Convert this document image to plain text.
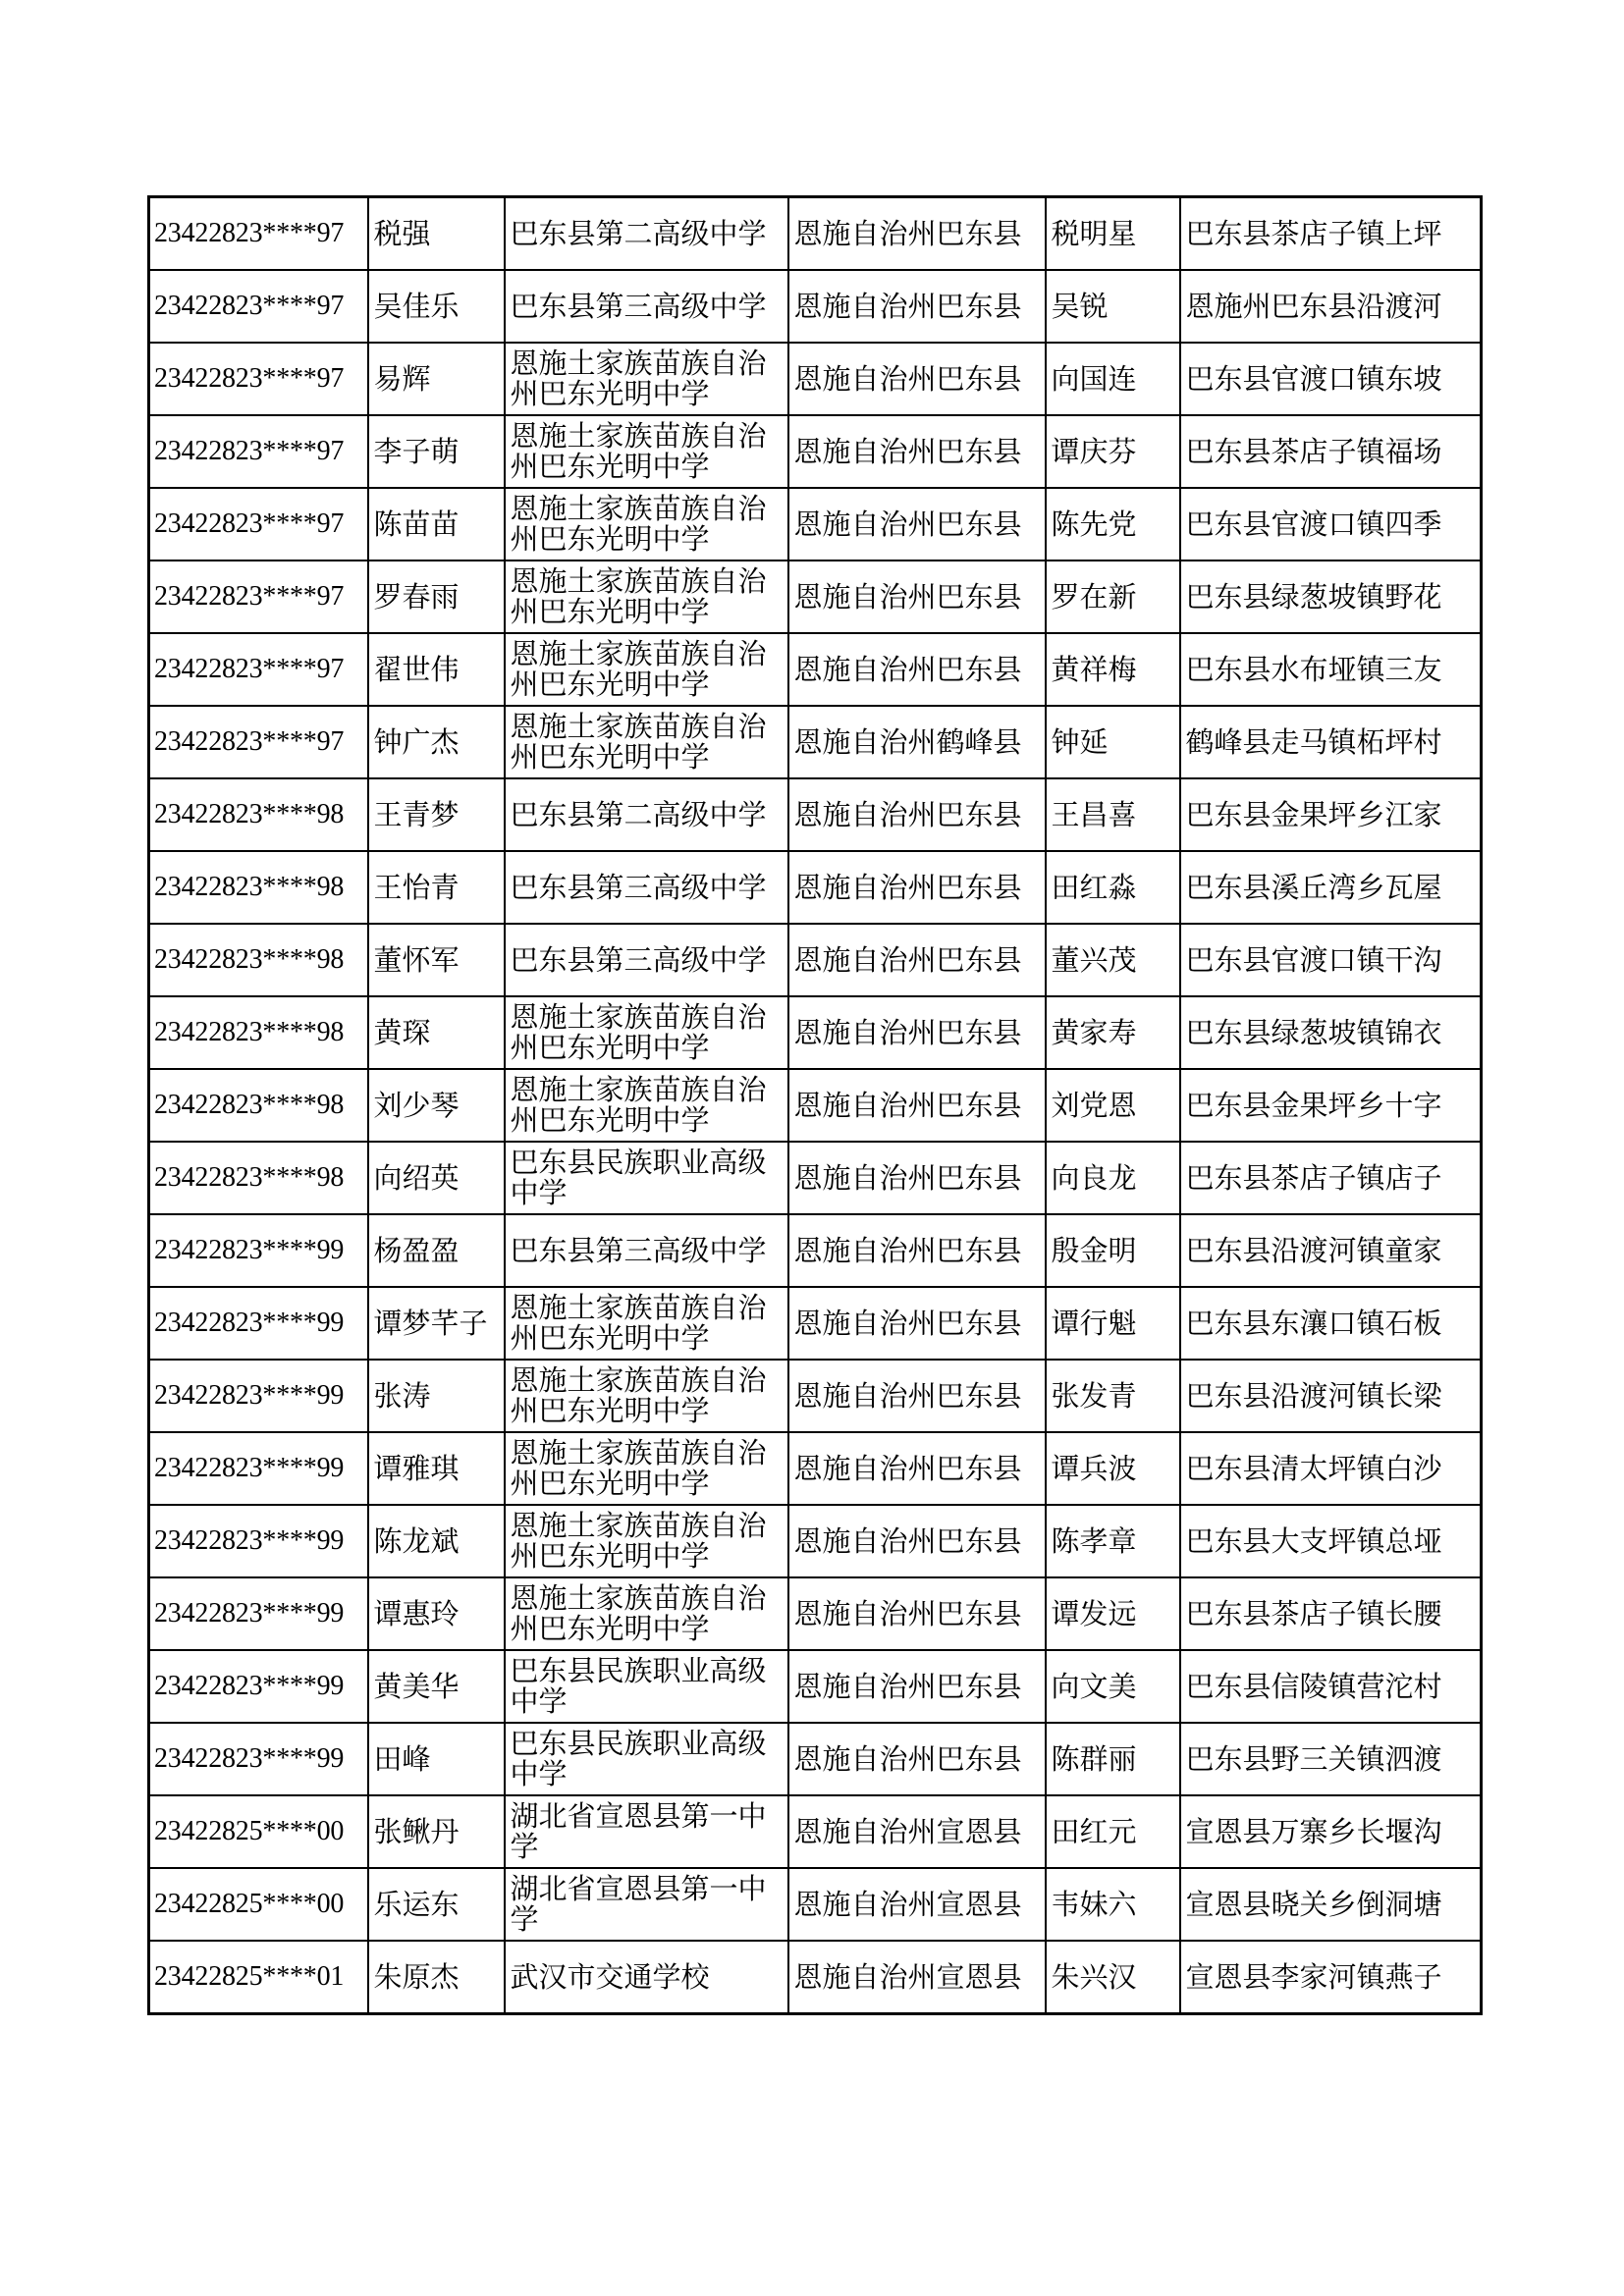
23422823****97	税强	巴东县第二高级中学	恩施自治州巴东县	税明星	巴东县茶店子镇上坪
23422823****97	吴佳乐	巴东县第三高级中学	恩施自治州巴东县	吴锐	恩施州巴东县沿渡河
23422823****97	易辉	恩施土家族苗族自治州巴东光明中学	恩施自治州巴东县	向国连	巴东县官渡口镇东坡
23422823****97	李子萌	恩施土家族苗族自治州巴东光明中学	恩施自治州巴东县	谭庆芬	巴东县茶店子镇福场
23422823****97	陈苗苗	恩施土家族苗族自治州巴东光明中学	恩施自治州巴东县	陈先党	巴东县官渡口镇四季
23422823****97	罗春雨	恩施土家族苗族自治州巴东光明中学	恩施自治州巴东县	罗在新	巴东县绿葱坡镇野花
23422823****97	翟世伟	恩施土家族苗族自治州巴东光明中学	恩施自治州巴东县	黄祥梅	巴东县水布垭镇三友
23422823****97	钟广杰	恩施土家族苗族自治州巴东光明中学	恩施自治州鹤峰县	钟延	鹤峰县走马镇柘坪村
23422823****98	王青梦	巴东县第二高级中学	恩施自治州巴东县	王昌喜	巴东县金果坪乡江家
23422823****98	王怡青	巴东县第三高级中学	恩施自治州巴东县	田红淼	巴东县溪丘湾乡瓦屋
23422823****98	董怀军	巴东县第三高级中学	恩施自治州巴东县	董兴茂	巴东县官渡口镇干沟
23422823****98	黄琛	恩施土家族苗族自治州巴东光明中学	恩施自治州巴东县	黄家寿	巴东县绿葱坡镇锦衣
23422823****98	刘少琴	恩施土家族苗族自治州巴东光明中学	恩施自治州巴东县	刘党恩	巴东县金果坪乡十字
23422823****98	向绍英	巴东县民族职业高级中学	恩施自治州巴东县	向良龙	巴东县茶店子镇店子
23422823****99	杨盈盈	巴东县第三高级中学	恩施自治州巴东县	殷金明	巴东县沿渡河镇童家
23422823****99	谭梦芊子	恩施土家族苗族自治州巴东光明中学	恩施自治州巴东县	谭行魁	巴东县东瀼口镇石板
23422823****99	张涛	恩施土家族苗族自治州巴东光明中学	恩施自治州巴东县	张发青	巴东县沿渡河镇长梁
23422823****99	谭雅琪	恩施土家族苗族自治州巴东光明中学	恩施自治州巴东县	谭兵波	巴东县清太坪镇白沙
23422823****99	陈龙斌	恩施土家族苗族自治州巴东光明中学	恩施自治州巴东县	陈孝章	巴东县大支坪镇总垭
23422823****99	谭惠玲	恩施土家族苗族自治州巴东光明中学	恩施自治州巴东县	谭发远	巴东县茶店子镇长腰
23422823****99	黄美华	巴东县民族职业高级中学	恩施自治州巴东县	向文美	巴东县信陵镇营沱村
23422823****99	田峰	巴东县民族职业高级中学	恩施自治州巴东县	陈群丽	巴东县野三关镇泗渡
23422825****00	张鳅丹	湖北省宣恩县第一中学	恩施自治州宣恩县	田红元	宣恩县万寨乡长堰沟
23422825****00	乐运东	湖北省宣恩县第一中学	恩施自治州宣恩县	韦妹六	宣恩县晓关乡倒洞塘
23422825****01	朱原杰	武汉市交通学校	恩施自治州宣恩县	朱兴汉	宣恩县李家河镇燕子
